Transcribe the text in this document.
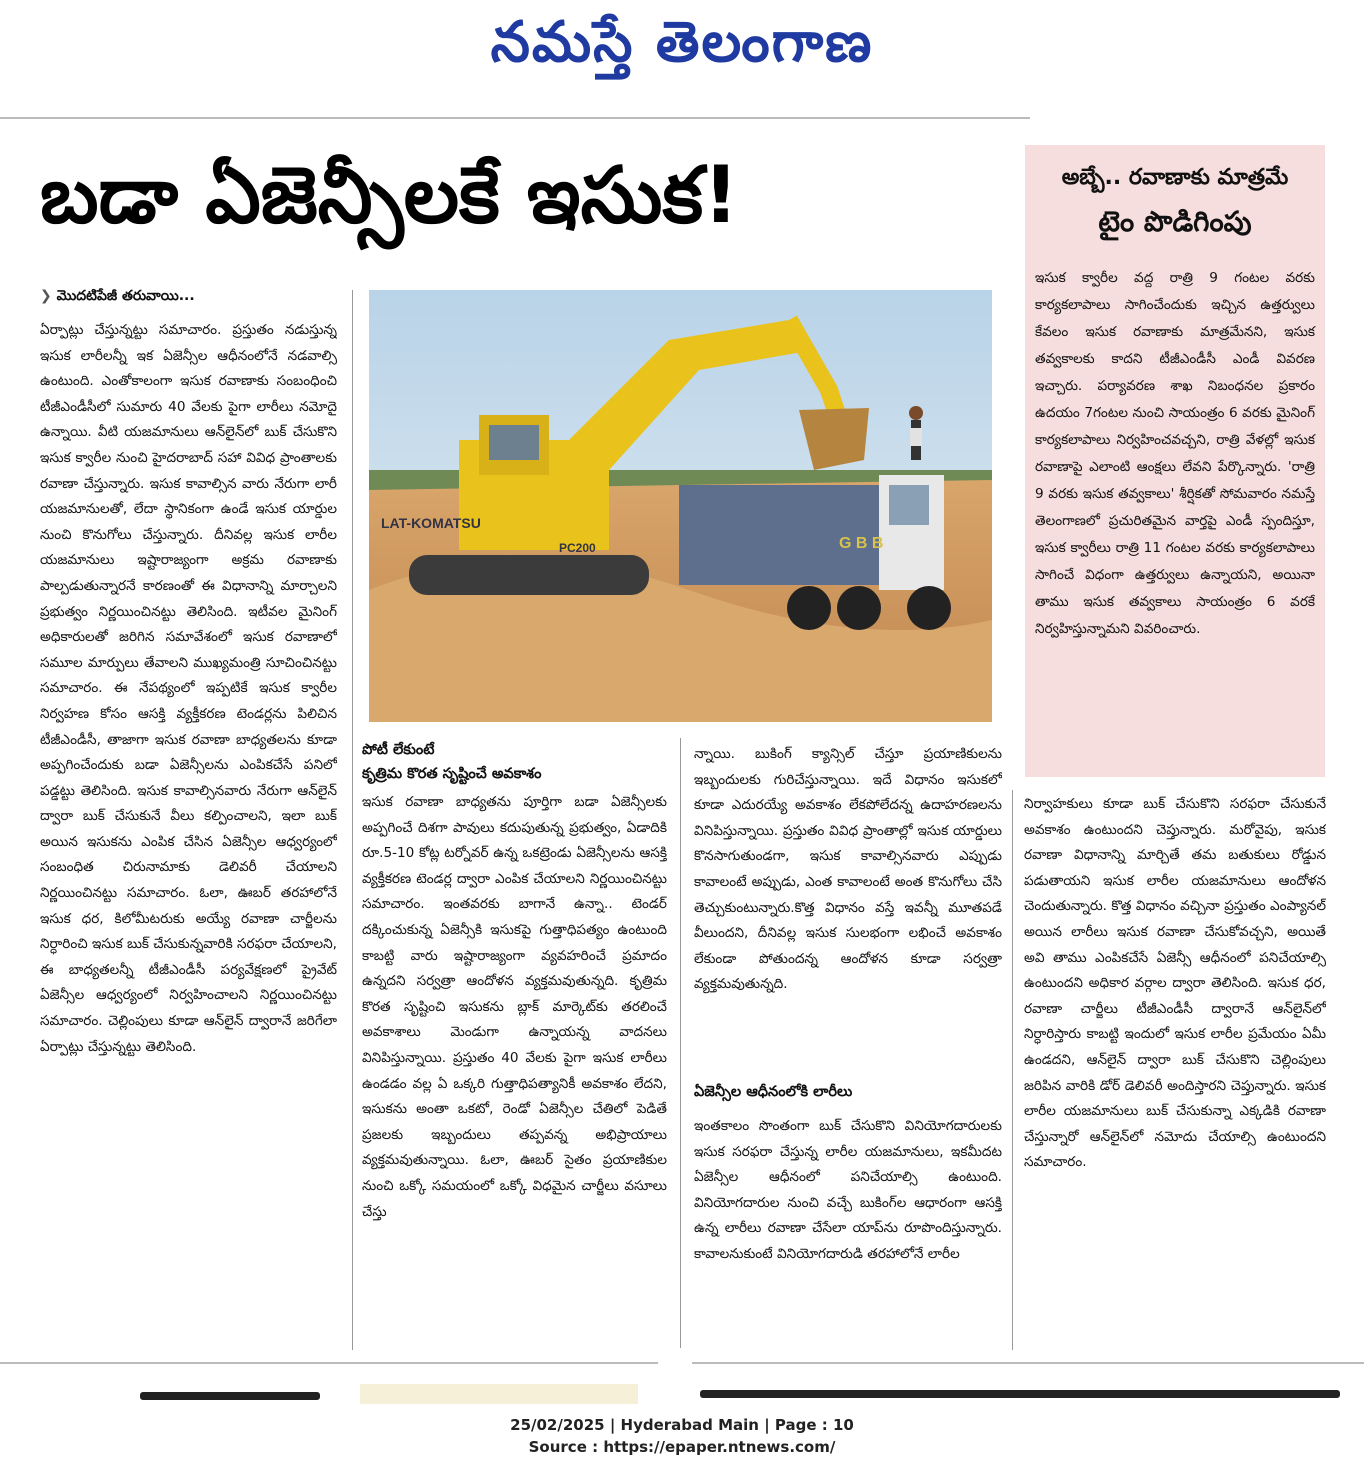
నమస్తే తెలంగాణ
బడా ఏజెన్సీలకే ఇసుక!
❯ మొదటిపేజీ తరువాయి...

ఏర్పాట్లు చేస్తున్నట్టు సమాచారం. ప్రస్తుతం నడుస్తున్న ఇసుక లారీలన్నీ ఇక ఏజెన్సీల ఆధీనంలోనే నడవాల్సి ఉంటుంది. ఎంతోకాలంగా ఇసుక రవాణాకు సంబంధించి టీజీఎండీసీలో సుమారు 40 వేలకు పైగా లారీలు నమోదై ఉన్నాయి. వీటి యజమానులు ఆన్‌లైన్‌లో బుక్ చేసుకొని ఇసుక క్వారీల నుంచి హైదరాబాద్ సహా వివిధ ప్రాంతాలకు రవాణా చేస్తున్నారు. ఇసుక కావాల్సిన వారు నేరుగా లారీ యజమానులతో, లేదా స్థానికంగా ఉండే ఇసుక యార్డుల నుంచి కొనుగోలు చేస్తున్నారు. దీనివల్ల ఇసుక లారీల యజమానులు ఇష్టారాజ్యంగా అక్రమ రవాణాకు పాల్పడుతున్నారనే కారణంతో ఈ విధానాన్ని మార్చాలని ప్రభుత్వం నిర్ణయించినట్టు తెలిసింది. ఇటీవల మైనింగ్ అధికారులతో జరిగిన సమావేశంలో ఇసుక రవాణాలో సమూల మార్పులు తేవాలని ముఖ్యమంత్రి సూచించినట్టు సమాచారం. ఈ నేపథ్యంలో ఇప్పటికే ఇసుక క్వారీల నిర్వహణ కోసం ఆసక్తి వ్యక్తీకరణ టెండర్లను పిలిచిన టీజీఎండీసీ, తాజాగా ఇసుక రవాణా బాధ్యతలను కూడా అప్పగించేందుకు బడా ఏజెన్సీలను ఎంపికచేసే పనిలో పడ్డట్టు తెలిసింది. ఇసుక కావాల్సినవారు నేరుగా ఆన్‌లైన్ ద్వారా బుక్ చేసుకునే వీలు కల్పించాలని, ఇలా బుక్ అయిన ఇసుకను ఎంపిక చేసిన ఏజెన్సీల ఆధ్వర్యంలో సంబంధిత చిరునామాకు డెలివరీ చేయాలని నిర్ణయించినట్టు సమాచారం. ఓలా, ఊబర్ తరహాలోనే ఇసుక ధర, కిలోమీటరుకు అయ్యే రవాణా చార్జీలను నిర్ధారించి ఇసుక బుక్ చేసుకున్నవారికి సరఫరా చేయాలని, ఈ బాధ్యతలన్నీ టీజీఎండీసీ పర్యవేక్షణలో ప్రైవేట్ ఏజెన్సీల ఆధ్వర్యంలో నిర్వహించాలని నిర్ణయించినట్టు సమాచారం. చెల్లింపులు కూడా ఆన్‌లైన్ ద్వారానే జరిగేలా ఏర్పాట్లు చేస్తున్నట్టు తెలిసింది.

G B B
LAT-KOMATSU
PC200
పోటీ లేకుంటే
కృత్రిమ కొరత సృష్టించే అవకాశం
ఇసుక రవాణా బాధ్యతను పూర్తిగా బడా ఏజెన్సీలకు అప్పగించే దిశగా పావులు కదుపుతున్న ప్రభుత్వం, ఏడాదికి రూ.5-10 కోట్ల టర్నోవర్ ఉన్న ఒకట్రెండు ఏజెన్సీలను ఆసక్తి వ్యక్తీకరణ టెండర్ల ద్వారా ఎంపిక చేయాలని నిర్ణయించినట్టు సమాచారం. ఇంతవరకు బాగానే ఉన్నా.. టెండర్ దక్కించుకున్న ఏజెన్సీకి ఇసుకపై గుత్తాధిపత్యం ఉంటుంది కాబట్టి వారు ఇష్టారాజ్యంగా వ్యవహరించే ప్రమాదం ఉన్నదని సర్వత్రా ఆందోళన వ్యక్తమవుతున్నది. కృత్రిమ కొరత సృష్టించి ఇసుకను బ్లాక్ మార్కెట్‌కు తరలించే అవకాశాలు మెండుగా ఉన్నాయన్న వాదనలు వినిపిస్తున్నాయి. ప్రస్తుతం 40 వేలకు పైగా ఇసుక లారీలు ఉండడం వల్ల ఏ ఒక్కరి గుత్తాధిపత్యానికీ అవకాశం లేదని, ఇసుకను అంతా ఒకటో, రెండో ఏజెన్సీల చేతిలో పెడితే ప్రజలకు ఇబ్బందులు తప్పవన్న అభిప్రాయాలు వ్యక్తమవుతున్నాయి. ఓలా, ఊబర్ సైతం ప్రయాణికుల నుంచి ఒక్కో సమయంలో ఒక్కో విధమైన చార్జీలు వసూలు చేస్తు
న్నాయి. బుకింగ్ క్యాన్సిల్ చేస్తూ ప్రయాణికులను ఇబ్బందులకు గురిచేస్తున్నాయి. ఇదే విధానం ఇసుకలో కూడా ఎదురయ్యే అవకాశం లేకపోలేదన్న ఉదాహరణలను వినిపిస్తున్నాయి. ప్రస్తుతం వివిధ ప్రాంతాల్లో ఇసుక యార్డులు కొనసాగుతుండగా, ఇసుక కావాల్సినవారు ఎప్పుడు కావాలంటే అప్పుడు, ఎంత కావాలంటే అంత కొనుగోలు చేసి తెచ్చుకుంటున్నారు.కొత్త విధానం వస్తే ఇవన్నీ మూతపడే వీలుందని, దీనివల్ల ఇసుక సులభంగా లభించే అవకాశం లేకుండా పోతుందన్న ఆందోళన కూడా సర్వత్రా వ్యక్తమవుతున్నది.
ఏజెన్సీల ఆధీనంలోకి లారీలు
ఇంతకాలం సొంతంగా బుక్ చేసుకొని వినియోగదారులకు ఇసుక సరఫరా చేస్తున్న లారీల యజమానులు, ఇకమీదట ఏజెన్సీల ఆధీనంలో పనిచేయాల్సి ఉంటుంది. వినియోగదారుల నుంచి వచ్చే బుకింగ్‌ల ఆధారంగా ఆసక్తి ఉన్న లారీలు రవాణా చేసేలా యాప్‌ను రూపొందిస్తున్నారు. కావాలనుకుంటే వినియోగదారుడి తరహాలోనే లారీల
నిర్వాహకులు కూడా బుక్ చేసుకొని సరఫరా చేసుకునే అవకాశం ఉంటుందని చెప్తున్నారు. మరోవైపు, ఇసుక రవాణా విధానాన్ని మార్చితే తమ బతుకులు రోడ్డున పడుతాయని ఇసుక లారీల యజమానులు ఆందోళన చెందుతున్నారు. కొత్త విధానం వచ్చినా ప్రస్తుతం ఎంప్యానల్ అయిన లారీలు ఇసుక రవాణా చేసుకోవచ్చని, అయితే అవి తాము ఎంపికచేసే ఏజెన్సీ ఆధీనంలో పనిచేయాల్సి ఉంటుందని అధికార వర్గాల ద్వారా తెలిసింది. ఇసుక ధర, రవాణా చార్జీలు టీజీఎండీసీ ద్వారానే ఆన్‌లైన్‌లో నిర్ధారిస్తారు కాబట్టి ఇందులో ఇసుక లారీల ప్రమేయం ఏమీ ఉండదని, ఆన్‌లైన్ ద్వారా బుక్ చేసుకొని చెల్లింపులు జరిపిన వారికి డోర్ డెలివరీ అందిస్తారని చెప్తున్నారు. ఇసుక లారీల యజమానులు బుక్ చేసుకున్నా ఎక్కడికి రవాణా చేస్తున్నారో ఆన్‌లైన్‌లో నమోదు చేయాల్సి ఉంటుందని సమాచారం.
అబ్బే.. రవాణాకు మాత్రమే
టైం పొడిగింపు
ఇసుక క్వారీల వద్ద రాత్రి 9 గంటల వరకు కార్యకలాపాలు సాగించేందుకు ఇచ్చిన ఉత్తర్వులు కేవలం ఇసుక రవాణాకు మాత్రమేనని, ఇసుక తవ్వకాలకు కాదని టీజీఎండీసీ ఎండీ వివరణ ఇచ్చారు. పర్యావరణ శాఖ నిబంధనల ప్రకారం ఉదయం 7గంటల నుంచి సాయంత్రం 6 వరకు మైనింగ్ కార్యకలాపాలు నిర్వహించవచ్చని, రాత్రి వేళల్లో ఇసుక రవాణాపై ఎలాంటి ఆంక్షలు లేవని పేర్కొన్నారు. 'రాత్రి 9 వరకు ఇసుక తవ్వకాలు' శీర్షికతో సోమవారం నమస్తే తెలంగాణలో ప్రచురితమైన వార్తపై ఎండీ స్పందిస్తూ, ఇసుక క్వారీలు రాత్రి 11 గంటల వరకు కార్యకలాపాలు సాగించే విధంగా ఉత్తర్వులు ఉన్నాయని, అయినా తాము ఇసుక తవ్వకాలు సాయంత్రం 6 వరకే నిర్వహిస్తున్నామని వివరించారు.
25/02/2025 | Hyderabad Main | Page : 10
Source : https://epaper.ntnews.com/
